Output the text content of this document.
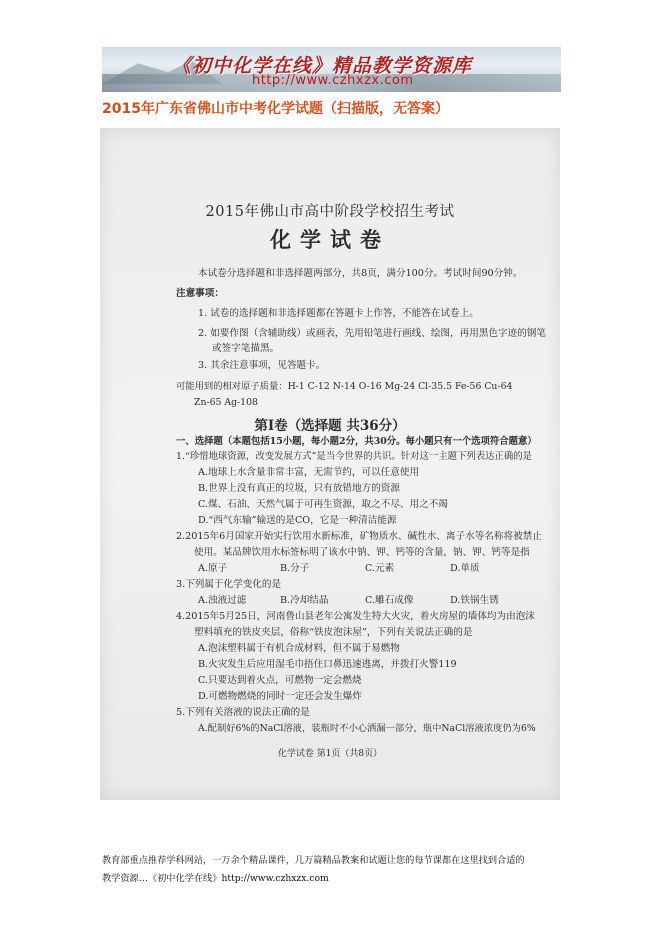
《初中化学在线》精品教学资源库
http://www.czhxzx.com
2015年广东省佛山市中考化学试题（扫描版，无答案）
2015年佛山市高中阶段学校招生考试
化学试卷
本试卷分选择题和非选择题两部分，共8页，满分100分。考试时间90分钟。
注意事项：
1. 试卷的选择题和非选择题都在答题卡上作答，不能答在试卷上。
2. 如要作图（含辅助线）或画表，先用铅笔进行画线、绘图，再用黑色字迹的钢笔
或签字笔描黑。
3. 其余注意事项，见答题卡。
可能用到的相对原子质量：H-1 C-12 N-14 O-16 Mg-24 Cl-35.5 Fe-56 Cu-64
Zn-65 Ag-108
第Ⅰ卷（选择题 共36分）
一、选择题（本题包括15小题，每小题2分，共30分。每小题只有一个选项符合题意）
1.“珍惜地球资源，改变发展方式”是当今世界的共识。针对这一主题下列表达正确的是
A.地球上水含量非常丰富，无需节约，可以任意使用
B.世界上没有真正的垃圾，只有放错地方的资源
C.煤、石油、天然气属于可再生资源，取之不尽、用之不竭
D.“西气东输”输送的是CO，它是一种清洁能源
2.2015年6月国家开始实行饮用水新标准，矿物质水、碱性水、离子水等名称将被禁止
使用。某品牌饮用水标签标明了该水中钠、钾、钙等的含量，钠、钾、钙等是指
A.原子	B.分子	C.元素	D.单质
3.下列属于化学变化的是
A.浊液过滤	B.冷却结晶	C.雕石成像	D.铁锅生锈
4.2015年5月25日，河南鲁山县老年公寓发生特大火灾，着火房屋的墙体均为由泡沫
塑料填充的铁皮夹层，俗称“铁皮泡沫屋”，下列有关说法正确的是
A.泡沫塑料属于有机合成材料，但不属于易燃物
B.火灾发生后应用湿毛巾捂住口鼻迅速逃离，并拨打火警119
C.只要达到着火点，可燃物一定会燃烧
D.可燃物燃烧的同时一定还会发生爆炸
5.下列有关溶液的说法正确的是
A.配制好6%的NaCl溶液，装瓶时不小心洒漏一部分，瓶中NaCl溶液浓度仍为6%
化学试卷 第1页（共8页）
教育部重点推荐学科网站，一万余个精品课件，几万篇精品教案和试题让您的每节课都在这里找到合适的
教学资源…《初中化学在线》http://www.czhxzx.com
